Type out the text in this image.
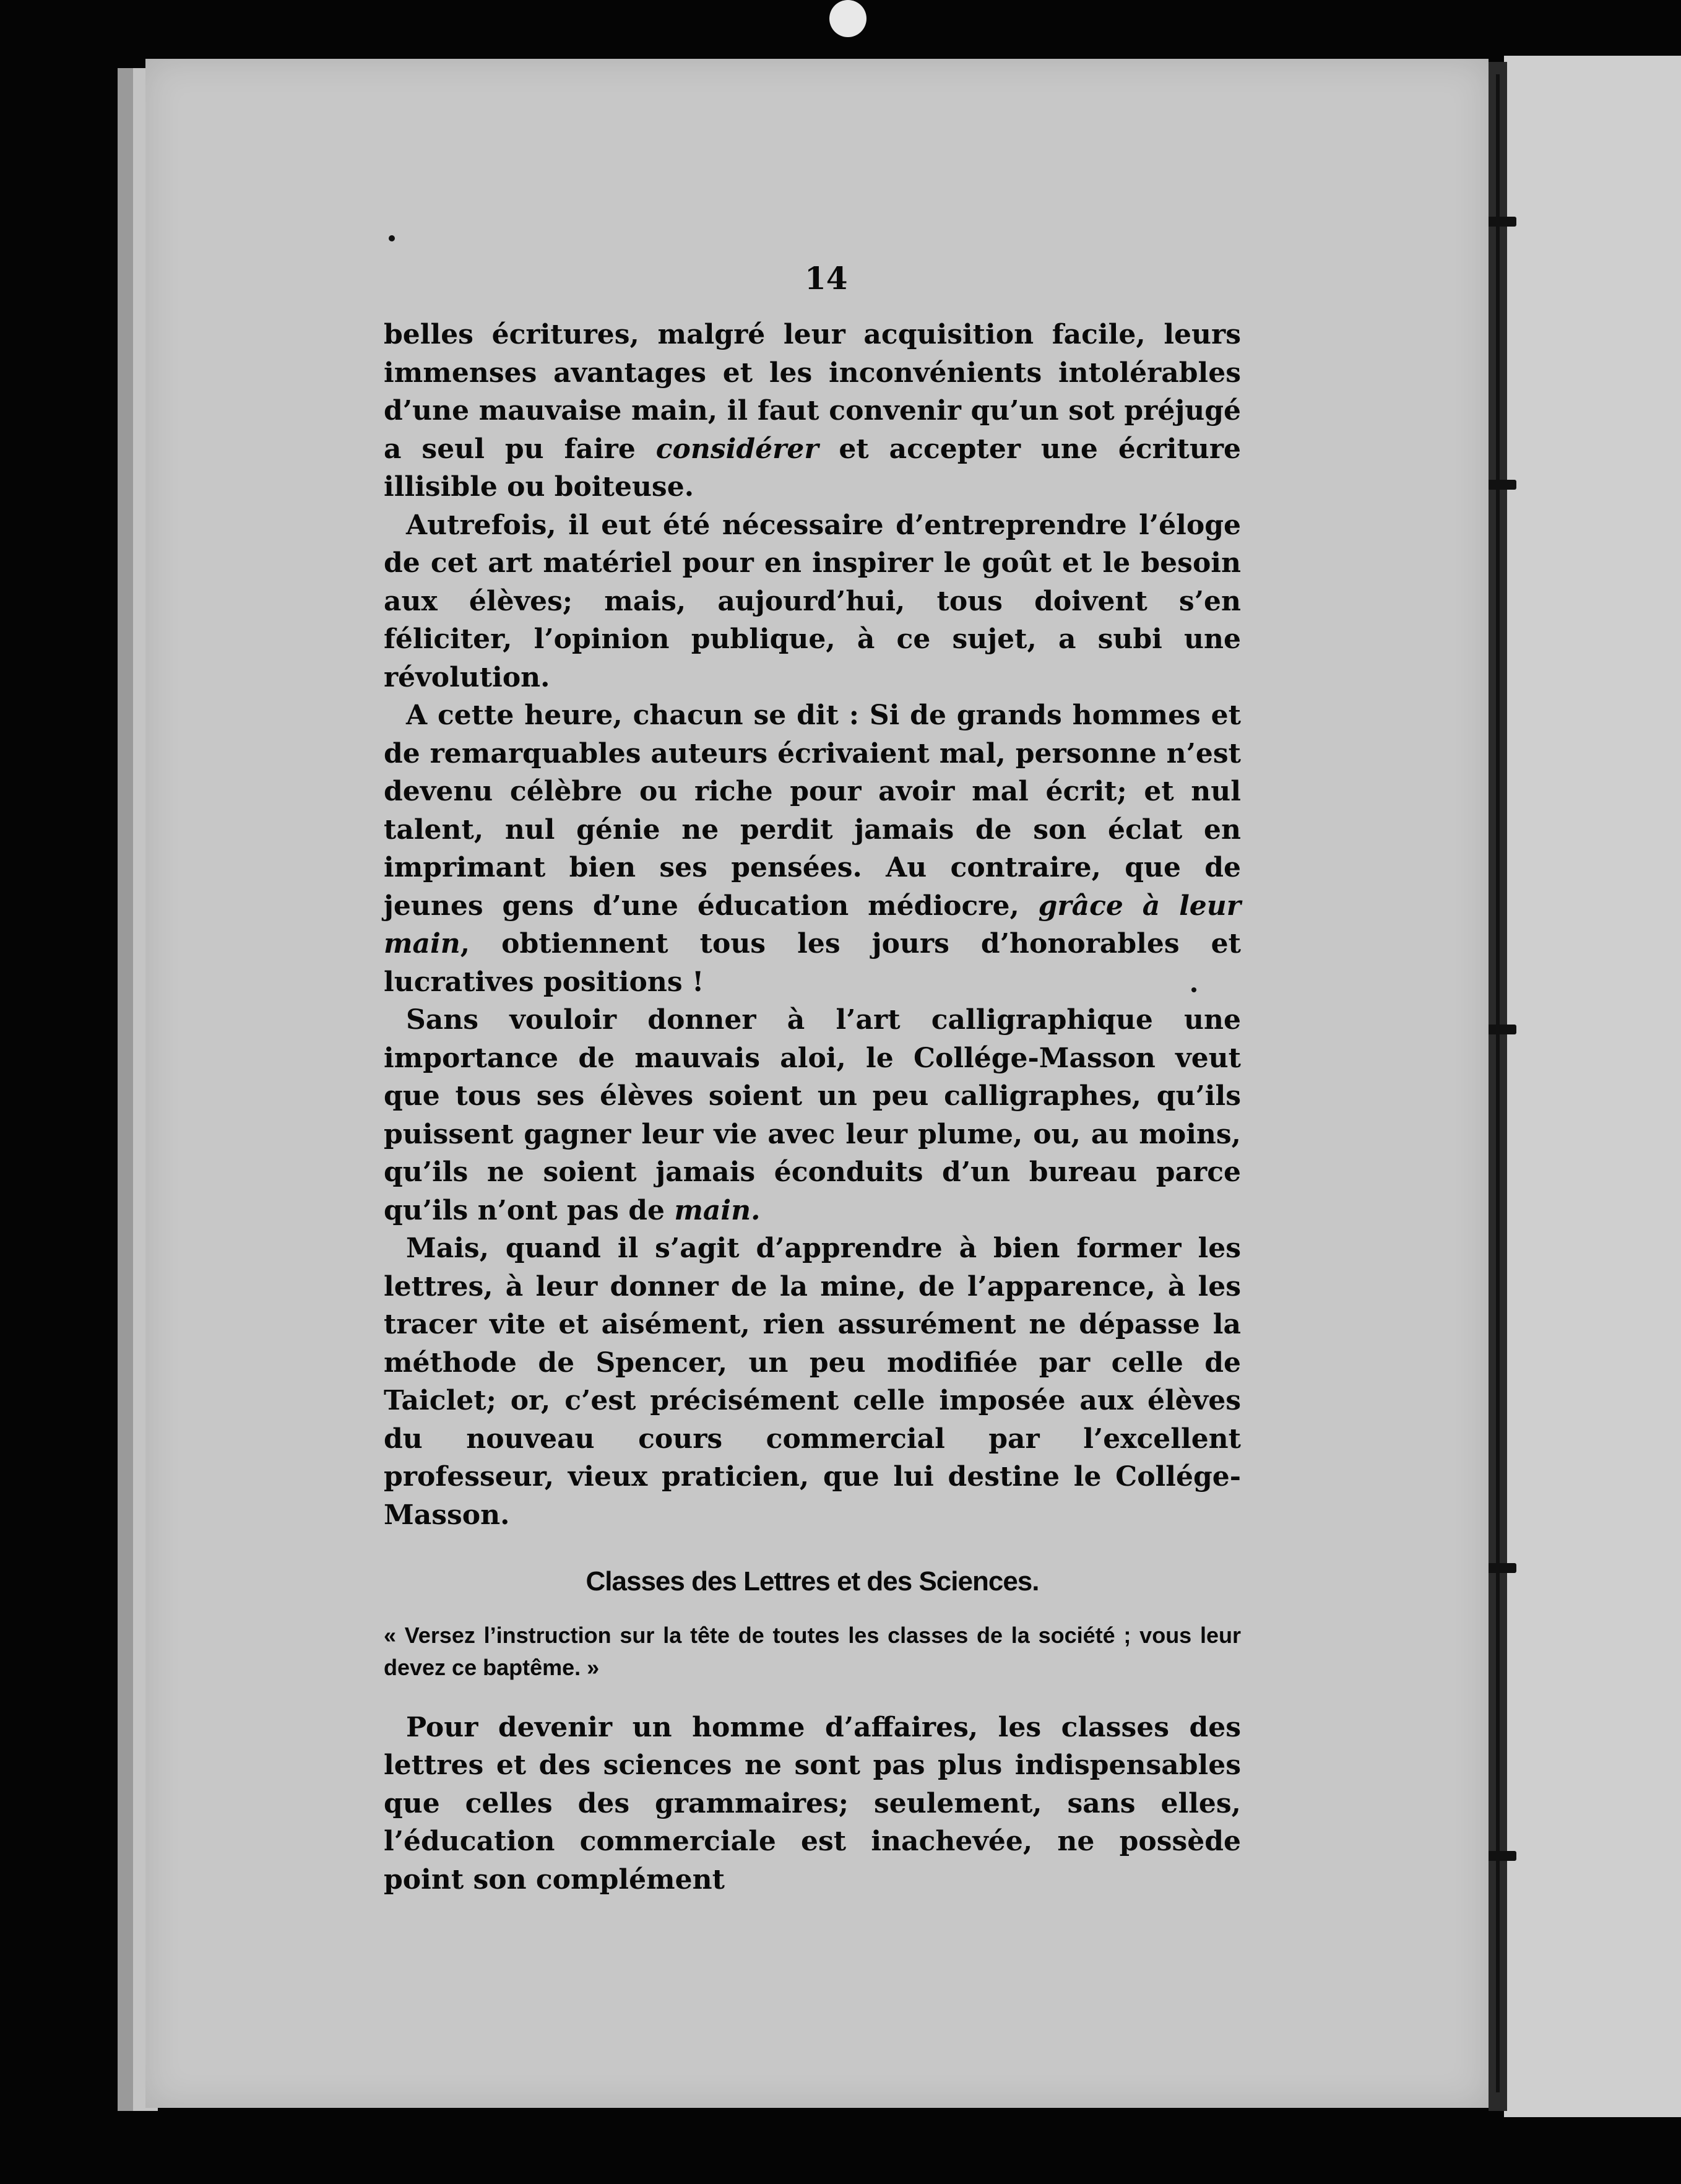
14

belles écritures, malgré leur acquisition facile, leurs immenses avantages et les inconvénients intolérables d’une mauvaise main, il faut convenir qu’un sot préjugé a seul pu faire considérer et accepter une écriture illisible ou boiteuse.

Autrefois, il eut été nécessaire d’entreprendre l’éloge de cet art matériel pour en inspirer le goût et le besoin aux élèves; mais, aujourd’hui, tous doivent s’en féliciter, l’opinion publique, à ce sujet, a subi une révolution.

A cette heure, chacun se dit : Si de grands hommes et de remarquables auteurs écrivaient mal, personne n’est devenu célèbre ou riche pour avoir mal écrit; et nul talent, nul génie ne perdit jamais de son éclat en imprimant bien ses pensées. Au contraire, que de jeunes gens d’une éducation médiocre, grâce à leur main, obtiennent tous les jours d’honorables et lucratives positions !

Sans vouloir donner à l’art calligraphique une importance de mauvais aloi, le Collége-Masson veut que tous ses élèves soient un peu calligraphes, qu’ils puissent gagner leur vie avec leur plume, ou, au moins, qu’ils ne soient jamais éconduits d’un bureau parce qu’ils n’ont pas de main.

Mais, quand il s’agit d’apprendre à bien former les lettres, à leur donner de la mine, de l’apparence, à les tracer vite et aisément, rien assurément ne dépasse la méthode de Spencer, un peu modifiée par celle de Taiclet; or, c’est précisément celle imposée aux élèves du nouveau cours commercial par l’excellent professeur, vieux praticien, que lui destine le Collége-Masson.

Classes des Lettres et des Sciences.

« Versez l’instruction sur la tête de toutes les classes de la société ; vous leur devez ce baptême. »

Pour devenir un homme d’affaires, les classes des lettres et des sciences ne sont pas plus indispensables que celles des grammaires; seulement, sans elles, l’éducation commerciale est inachevée, ne possède point son complément
